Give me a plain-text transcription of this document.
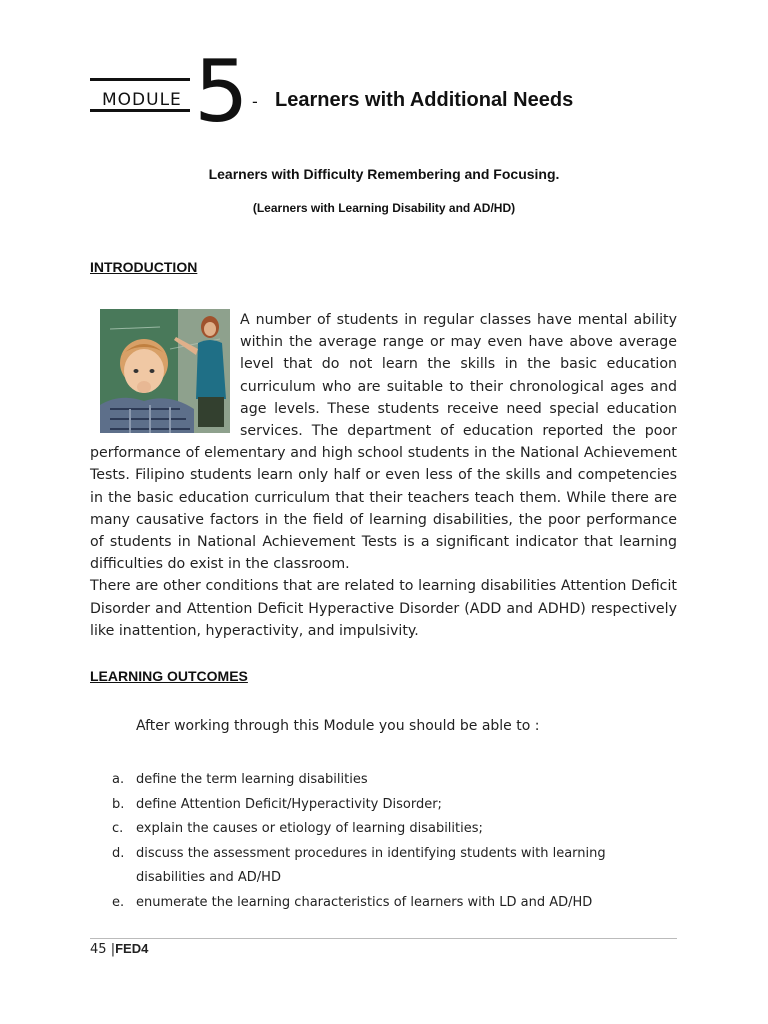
MODULE 5 - Learners with Additional Needs
Learners with Difficulty Remembering and Focusing.
(Learners with Learning Disability and AD/HD)
INTRODUCTION
A number of students in regular classes have mental ability within the average range or may even have above average level that do not learn the skills in the basic education curriculum who are suitable to their chronological ages and age levels. These students receive need special education services. The department of education reported the poor performance of elementary and high school students in the National Achievement Tests. Filipino students learn only half or even less of the skills and competencies in the basic education curriculum that their teachers teach them. While there are many causative factors in the field of learning disabilities, the poor performance of students in National Achievement Tests is a significant indicator that learning difficulties do exist in the classroom.
There are other conditions that are related to learning disabilities Attention Deficit Disorder and Attention Deficit Hyperactive Disorder (ADD and ADHD) respectively like inattention, hyperactivity, and impulsivity.
LEARNING OUTCOMES
After working through this Module you should be able to :
a. define the term learning disabilities
b. define Attention Deficit/Hyperactivity Disorder;
c. explain the causes or etiology of learning disabilities;
d. discuss the assessment procedures in identifying students with learning disabilities and AD/HD
e. enumerate the learning characteristics of learners with LD and AD/HD
45 |FED4
